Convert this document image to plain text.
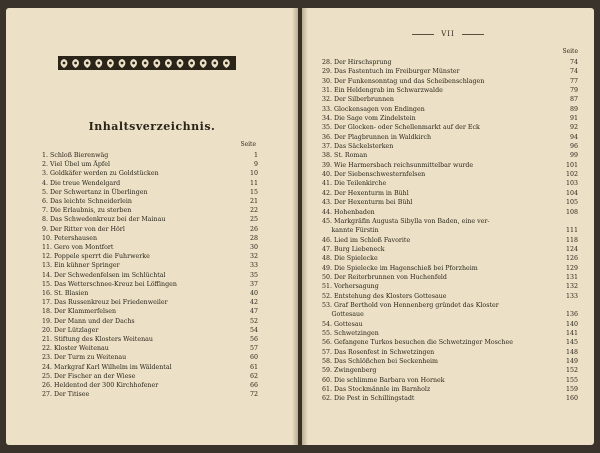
Inhaltsverzeichnis.
Seite
1. Schloß Bierenwäg	1
2. Viel Übel um Äpfel	9
3. Goldkäfer werden zu Goldstücken	10
4. Die treue Wendelgard	11
5. Der Schwertanz in Überlingen	15
6. Das leichte Schneiderlein	21
7. Die Erlaubnis, zu sterben	22
8. Das Schwedenkreuz bei der Mainau	25
9. Der Ritter von der Hörl	26
10. Petershausen	28
11. Gero von Montfort	30
12. Poppele sperrt die Fuhrwerke	32
13. Ein kühner Springer	33
14. Der Schwedenfelsen im Schlüchtal	35
15. Das Wetterschnee-Kreuz bei Löffingen	37
16. St. Blasien	40
17. Das Russenkreuz bei Friedenweiler	42
18. Der Klammerfelsen	47
19. Der Mann und der Dachs	52
20. Der Lützlager	54
21. Stiftung des Klosters Weitenau	56
22. Kloster Weitenau	57
23. Der Turm zu Weitenau	60
24. Markgraf Karl Wilhelm im Wäldental	61
25. Der Fischer an der Wiese	62
26. Heldentod der 300 Kirchhofener	66
27. Der Titisee	72
VII
Seite
28. Der Hirschsprung	74
29. Das Fastentuch im Freiburger Münster	74
30. Der Funkensonntag und das Scheibenschlagen	77
31. Ein Heldengrab im Schwarzwalde	79
32. Der Silberbrunnen	87
33. Glockensagen von Endingen	89
34. Die Sage vom Zindelstein	91
35. Der Glocken- oder Schellenmarkt auf der Eck	92
36. Der Plagbrunnen in Waldkirch	94
37. Das Säckelsterken	96
38. St. Roman	99
39. Wie Harmersbach reichsunmittelbar wurde	101
40. Der Siebenschwesternfelsen	102
41. Die Teilenkirche	103
42. Der Hexenturm in Bühl	104
43. Der Hexenturm bei Bühl	105
44. Hohenbaden	108
45. Markgräfin Augusta Sibylla von Baden, eine ver-
  kannte Fürstin	111
46. Lied im Schloß Favorite	118
47. Burg Liebeneck	124
48. Die Spielecke	126
49. Die Spielecke im Hagenschieß bei Pforzheim	129
50. Der Reiterbrunnen von Huchenfeld	131
51. Vorhersagung	132
52. Entstehung des Klosters Gottesaue	133
53. Graf Berthold von Hennenberg gründet das Kloster
  Gottesaue	136
54. Gottesau	140
55. Schwetzingen	141
56. Gefangene Turkos besuchen die Schwetzinger Moschee	145
57. Das Rosenfest in Schwetzingen	148
58. Das Schlößchen bei Seckenheim	149
59. Zwingenberg	152
60. Die schlimme Barbara von Hornek	155
61. Das Stockmännle im Barnholz	159
62. Die Pest in Schillingstadt	160
